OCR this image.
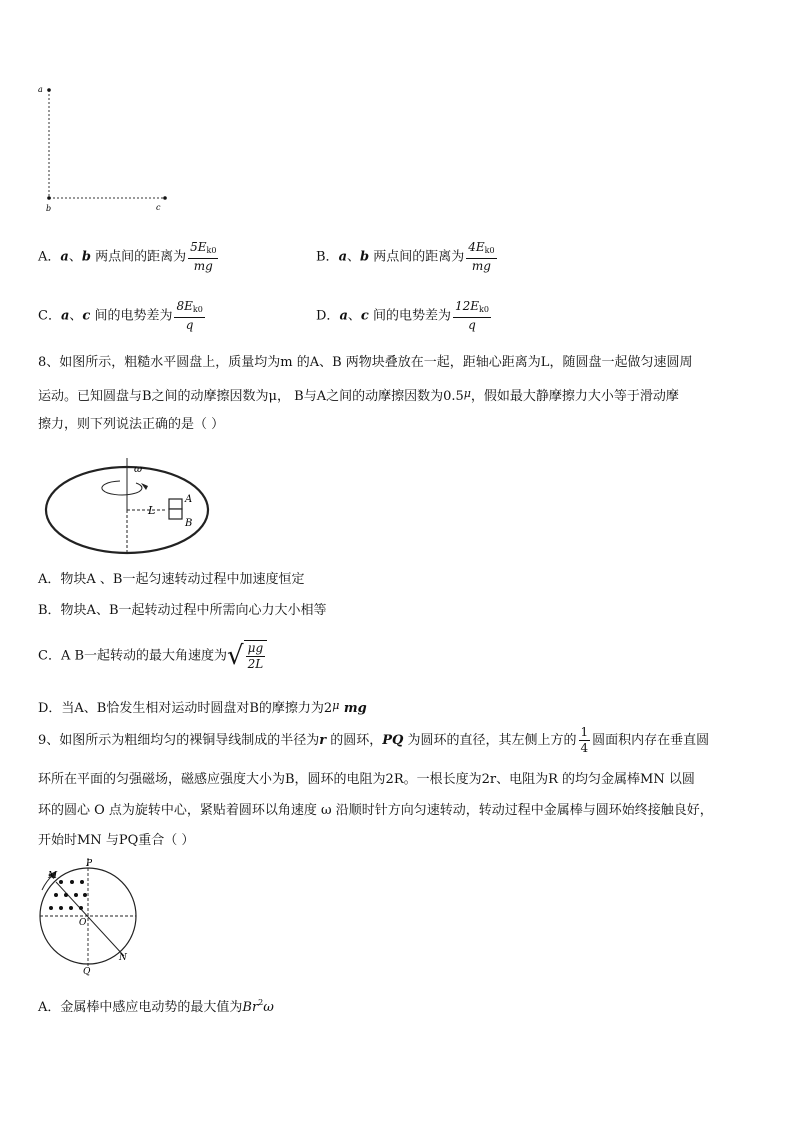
a
b	c
A．a、b 两点间的距离为 $\frac{5E_{k0}}{mg}$	B．a、b 两点间的距离为 $\frac{4E_{k0}}{mg}$
C．a、c 间的电势差为 $\frac{8E_{k0}}{q}$	D．a、c 间的电势差为 $\frac{12E_{k0}}{q}$
8、如图所示，粗糙水平圆盘上，质量均为m 的A、B 两物块叠放在一起，距轴心距离为L，随圆盘一起做匀速圆周
运动。已知圆盘与B之间的动摩擦因数为μ， B与A之间的动摩擦因数为$0.5^\mu$，假如最大静摩擦力大小等于滑动摩
擦力，则下列说法正确的是（ ）
ω
L
A
B
A．物块A 、B一起匀速转动过程中加速度恒定
B．物块A、B一起转动过程中所需向心力大小相等
C．A B一起转动的最大角速度为√ $\frac{\mu g}{2L}$
D．当A、B恰发生相对运动时圆盘对B的摩擦力为$2^\mu$ mg
9、如图所示为粗细均匀的裸铜导线制成的半径为r 的圆环，PQ 为圆环的直径，其左侧上方的 $\frac{1}{4}$ 圆面积内存在垂直圆
环所在平面的匀强磁场，磁感应强度大小为B，圆环的电阻为2R。一根长度为2r、电阻为R 的均匀金属棒MN 以圆
环的圆心 O 点为旋转中心，紧贴着圆环以角速度 ω 沿顺时针方向匀速转动，转动过程中金属棒与圆环始终接触良好，
开始时MN 与PQ重合（ ）
P
M
O
Q
N
A．金属棒中感应电动势的最大值为Br$^2$ω
